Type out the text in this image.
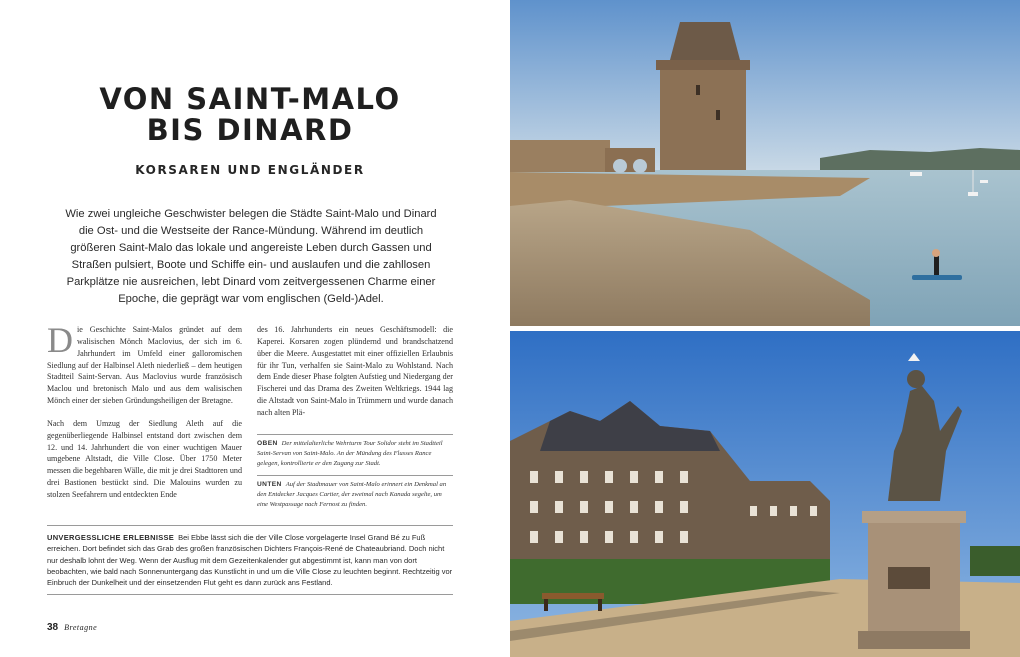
VON SAINT-MALO
BIS DINARD
KORSAREN UND ENGLÄNDER
Wie zwei ungleiche Geschwister belegen die Städte Saint-Malo und Dinard die Ost- und die Westseite der Rance-Mündung. Während im deutlich größeren Saint-Malo das lokale und angereiste Leben durch Gassen und Straßen pulsiert, Boote und Schiffe ein- und auslaufen und die zahllosen Parkplätze nie ausreichen, lebt Dinard vom zeitvergessenen Charme einer Epoche, die geprägt war vom englischen (Geld-)Adel.

Die Geschichte Saint-Malos gründet auf dem walisischen Mönch Maclovius, der sich im 6. Jahrhundert im Umfeld einer galloromischen Siedlung auf der Halbinsel Aleth niederließ – dem heutigen Stadtteil Saint-Servan. Aus Maclovius wurde französisch Maclou und bretonisch Malo und aus dem walisischen Mönch einer der sieben Gründungsheiligen der Bretagne.

Nach dem Umzug der Siedlung Aleth auf die gegenüberliegende Halbinsel entstand dort zwischen dem 12. und 14. Jahrhundert die von einer wuchtigen Mauer umgebene Altstadt, die Ville Close. Über 1750 Meter messen die begehbaren Wälle, die mit je drei Stadttoren und drei Bastionen bestückt sind. Die Malouins wurden zu stolzen Seefahrern und entdeckten Ende

des 16. Jahrhunderts ein neues Geschäftsmodell: die Kaperei. Korsaren zogen plündernd und brandschatzend über die Meere. Ausgestattet mit einer offiziellen Erlaubnis für ihr Tun, verhalfen sie Saint-Malo zu Wohlstand. Nach dem Ende dieser Phase folgten Aufstieg und Niedergang der Fischerei und das Drama des Zweiten Weltkriegs. 1944 lag die Altstadt von Saint-Malo in Trümmern und wurde danach nach alten Plä-

OBEN Der mittelalterliche Wehrturm Tour Solidor steht im Stadtteil Saint-Servan von Saint-Malo. An der Mündung des Flusses Rance gelegen, kontrollierte er den Zugang zur Stadt.
UNTEN Auf der Stadtmauer von Saint-Malo erinnert ein Denkmal an den Entdecker Jacques Cartier, der zweimal nach Kanada segelte, um eine Westpassage nach Fernost zu finden.
UNVERGESSLICHE ERLEBNISSE Bei Ebbe lässt sich die der Ville Close vorgelagerte Insel Grand Bé zu Fuß erreichen. Dort befindet sich das Grab des großen französischen Dichters François-René de Chateaubriand. Doch nicht nur deshalb lohnt der Weg. Wenn der Ausflug mit dem Gezeitenkalender gut abgestimmt ist, kann man von dort beobachten, wie bald nach Sonnenuntergang das Kunstlicht in und um die Ville Close zu leuchten beginnt. Rechtzeitig vor Einbruch der Dunkelheit und der einsetzenden Flut geht es dann zurück ans Festland.
38 Bretagne
